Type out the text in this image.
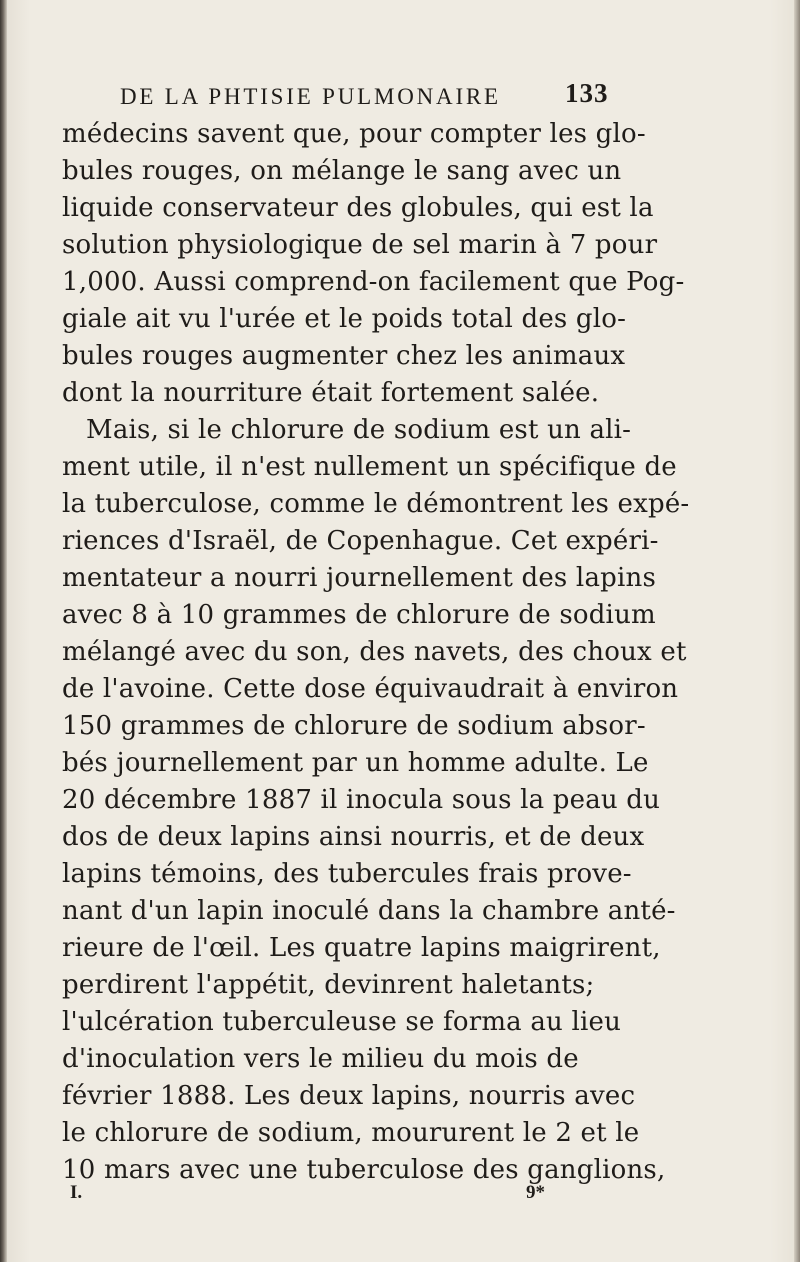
DE LA PHTISIE PULMONAIRE 133
médecins savent que, pour compter les glo-
bules rouges, on mélange le sang avec un
liquide conservateur des globules, qui est la
solution physiologique de sel marin à 7 pour
1,000. Aussi comprend-on facilement que Pog-
giale ait vu l'urée et le poids total des glo-
bules rouges augmenter chez les animaux
dont la nourriture était fortement salée.
Mais, si le chlorure de sodium est un ali-
ment utile, il n'est nullement un spécifique de
la tuberculose, comme le démontrent les expé-
riences d'Israël, de Copenhague. Cet expéri-
mentateur a nourri journellement des lapins
avec 8 à 10 grammes de chlorure de sodium
mélangé avec du son, des navets, des choux et
de l'avoine. Cette dose équivaudrait à environ
150 grammes de chlorure de sodium absor-
bés journellement par un homme adulte. Le
20 décembre 1887 il inocula sous la peau du
dos de deux lapins ainsi nourris, et de deux
lapins témoins, des tubercules frais prove-
nant d'un lapin inoculé dans la chambre anté-
rieure de l'œil. Les quatre lapins maigrirent,
perdirent l'appétit, devinrent haletants;
l'ulcération tuberculeuse se forma au lieu
d'inoculation vers le milieu du mois de
février 1888. Les deux lapins, nourris avec
le chlorure de sodium, moururent le 2 et le
10 mars avec une tuberculose des ganglions,
I.	9*
